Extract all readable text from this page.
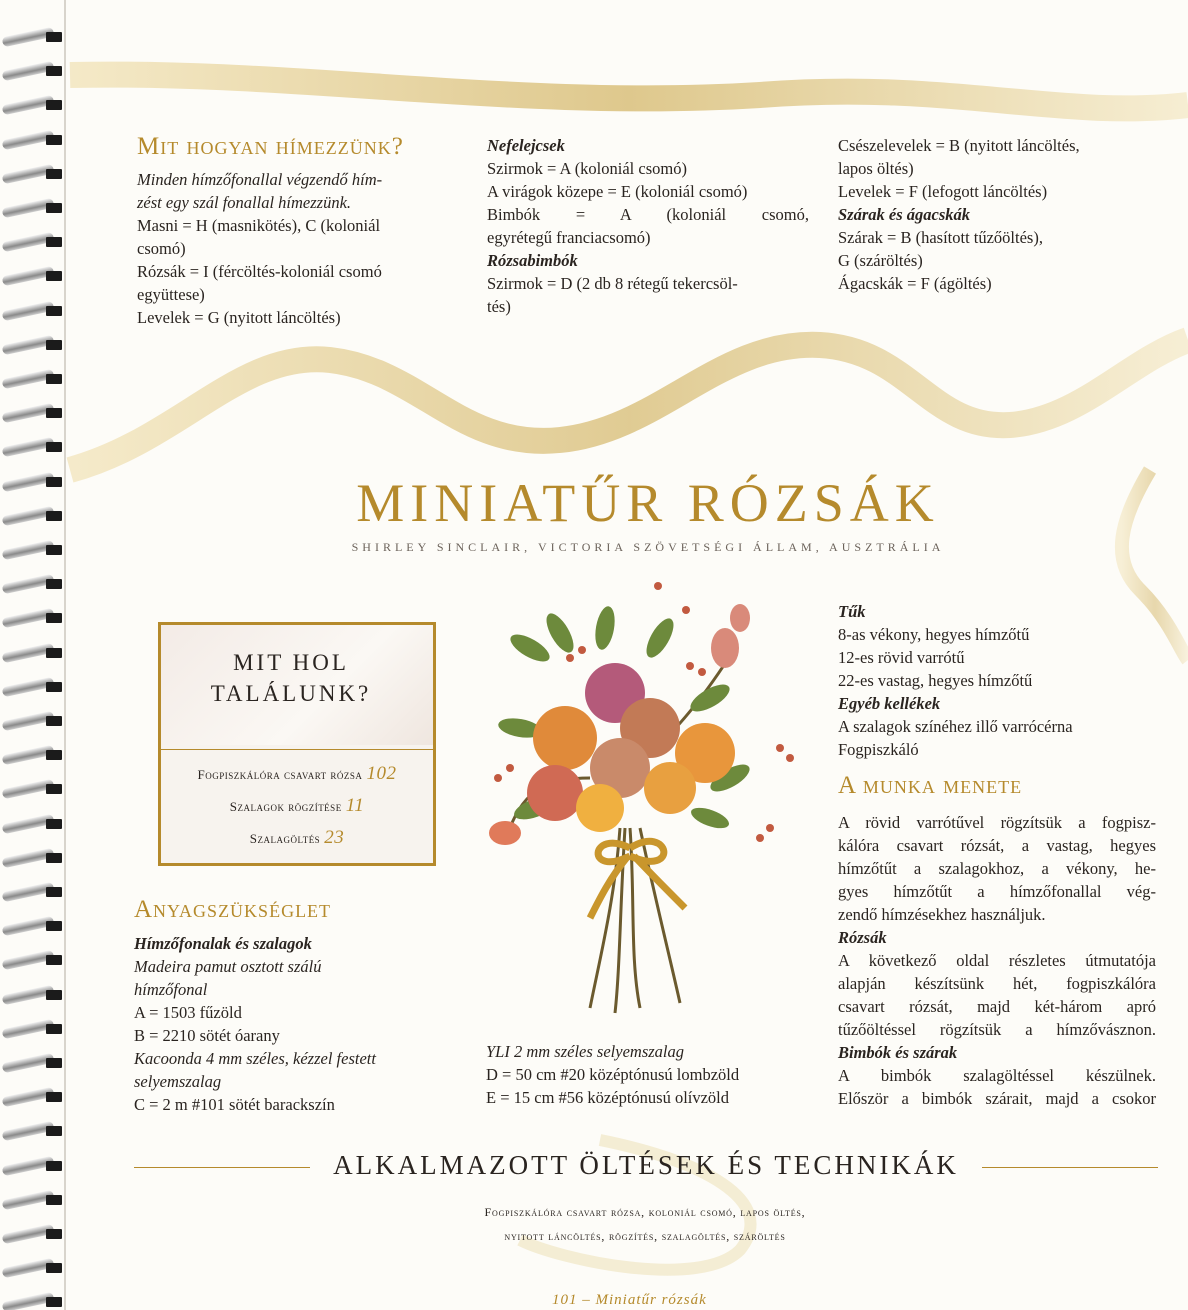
Mit hogyan hímezzünk?

Minden hímzőfonallal végzendő hím-

zést egy szál fonallal hímezzünk.

Masni = H (masnikötés), C (koloniál

csomó)

Rózsák = I (fércöltés-koloniál csomó

együttese)

Levelek = G (nyitott láncöltés)

Nefelejcsek

Szirmok = A (koloniál csomó)

A virágok közepe = E (koloniál csomó)

Bimbók = A (koloniál csomó,

egyrétegű franciacsomó)

Rózsabimbók

Szirmok = D (2 db 8 rétegű tekercsöl-

tés)

Csészelevelek = B (nyitott láncöltés,

lapos öltés)

Levelek = F (lefogott láncöltés)

Szárak és ágacskák

Szárak = B (hasított tűzőöltés),

G (száröltés)

Ágacskák = F (ágöltés)

MINIATŰR RÓZSÁK
SHIRLEY SINCLAIR, VICTORIA SZÖVETSÉGI ÁLLAM, AUSZTRÁLIA
MIT HOL
TALÁLUNK?
Fogpiszkálóra csavart rózsa 102
Szalagok rögzítése 11
Szalagöltés 23
Anyagszükséglet

Hímzőfonalak és szalagok

Madeira pamut osztott szálú

hímzőfonal

A = 1503 fűzöld

B = 2210 sötét óarany

Kacoonda 4 mm széles, kézzel festett

selyemszalag

C = 2 m #101 sötét barackszín

YLI 2 mm széles selyemszalag

D = 50 cm #20 középtónusú lombzöld

E = 15 cm #56 középtónusú olívzöld

Tűk

8-as vékony, hegyes hímzőtű

12-es rövid varrótű

22-es vastag, hegyes hímzőtű

Egyéb kellékek

A szalagok színéhez illő varrócérna

Fogpiszkáló

A munka menete

A rövid varrótűvel rögzítsük a fogpisz-

kálóra csavart rózsát, a vastag, hegyes

hímzőtűt a szalagokhoz, a vékony, he-

gyes hímzőtűt a hímzőfonallal vég-

zendő hímzésekhez használjuk.

Rózsák

A következő oldal részletes útmutatója

alapján készítsünk hét, fogpiszkálóra

csavart rózsát, majd két-három apró

tűzőöltéssel rögzítsük a hímzővásznon.

Bimbók és szárak

A bimbók szalagöltéssel készülnek.

Először a bimbók szárait, majd a csokor

ALKALMAZOTT ÖLTÉSEK ÉS TECHNIKÁK
Fogpiszkálóra csavart rózsa, koloniál csomó, lapos öltés,
nyitott láncöltés, rögzítés, szalagöltés, száröltés
101 – Miniatűr rózsák
